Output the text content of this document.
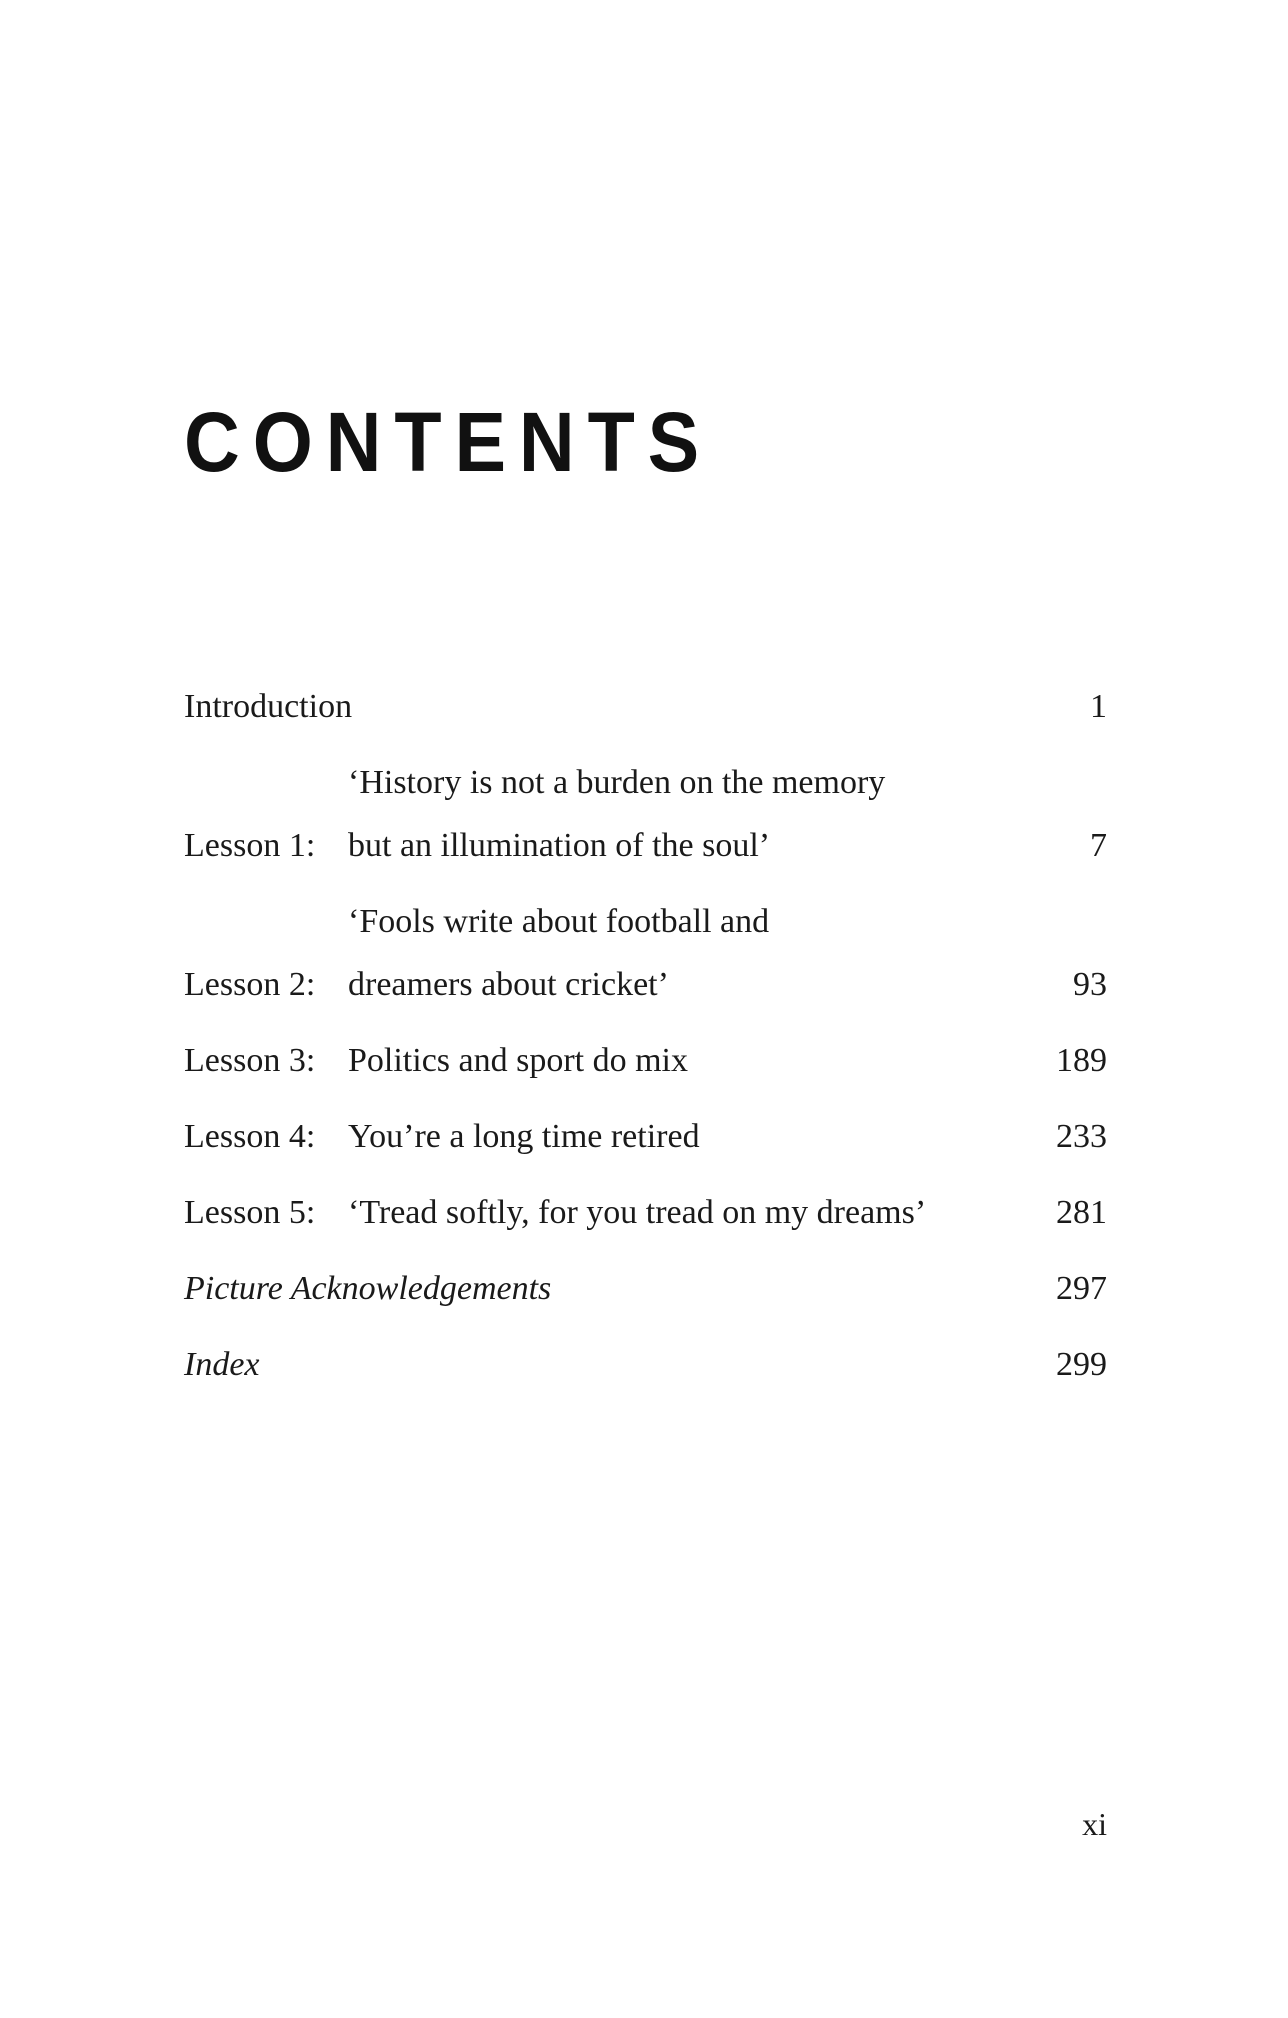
CONTENTS
Introduction	1
Lesson 1:
‘History is not a burden on the memory
but an illumination of the soul’	7
Lesson 2:
‘Fools write about football and
dreamers about cricket’	93
Lesson 3: Politics and sport do mix	189
Lesson 4: You’re a long time retired	233
Lesson 5: ‘Tread softly, for you tread on my dreams’	281
Picture Acknowledgements	297
Index	299
xi
